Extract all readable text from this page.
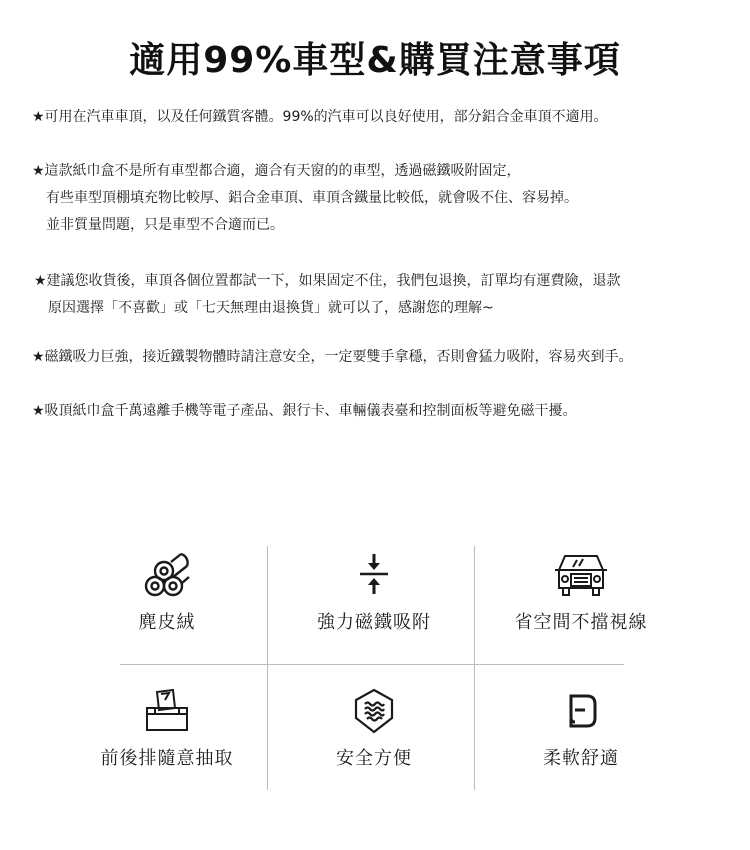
適用99%車型&購買注意事項
★可用在汽車車頂，以及任何鐵質客體。99%的汽車可以良好使用，部分鋁合金車頂不適用。
★這款紙巾盒不是所有車型都合適，適合有天窗的的車型，透過磁鐵吸附固定，
有些車型頂棚填充物比較厚、鋁合金車頂、車頂含鐵量比較低，就會吸不住、容易掉。
並非質量問題，只是車型不合適而已。
★建議您收貨後，車頂各個位置都試一下，如果固定不住，我們包退換，訂單均有運費險，退款
原因選擇「不喜歡」或「七天無理由退換貨」就可以了，感謝您的理解~
★磁鐵吸力巨強，接近鐵製物體時請注意安全，一定要雙手拿穩，否則會猛力吸附，容易夾到手。
★吸頂紙巾盒千萬遠離手機等電子產品、銀行卡、車輛儀表臺和控制面板等避免磁干擾。
麂皮絨	強力磁鐵吸附	省空間不擋視線
前後排隨意抽取	安全方便	柔軟舒適
